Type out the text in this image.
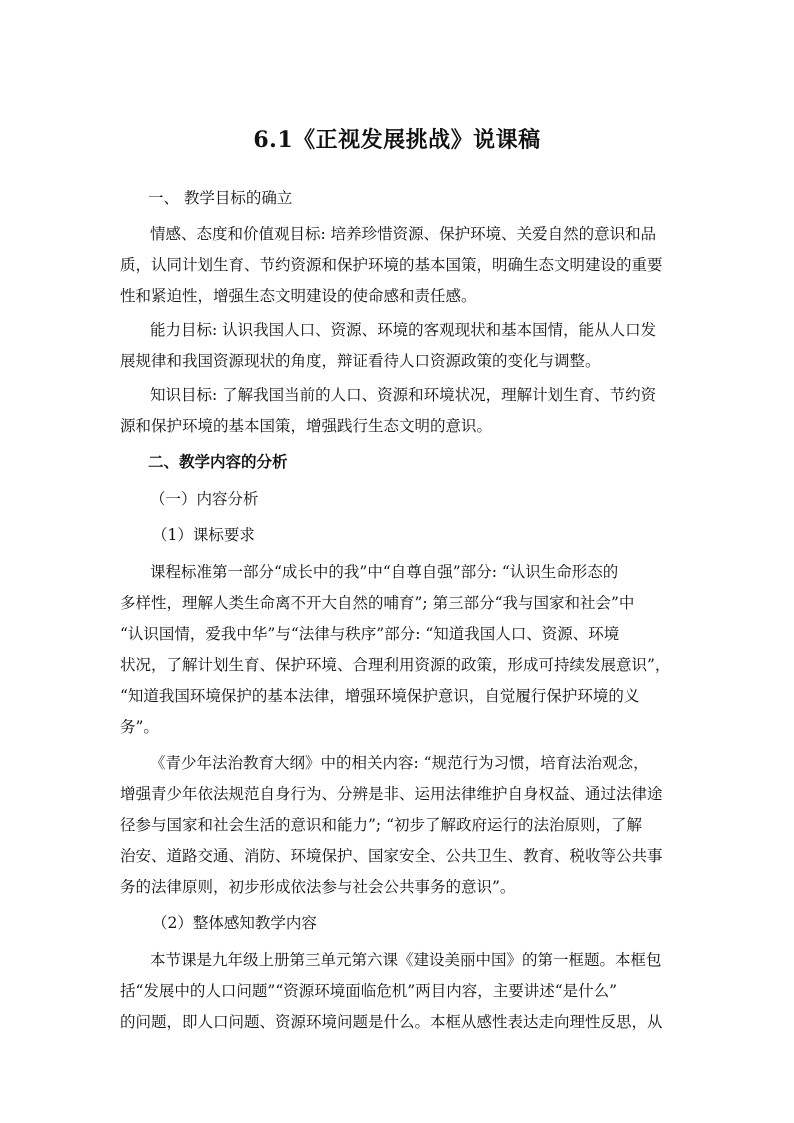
6.1《正视发展挑战》说课稿
一、 教学目标的确立
情感、态度和价值观目标: 培养珍惜资源、保护环境、关爱自然的意识和品
质，认同计划生育、节约资源和保护环境的基本国策，明确生态文明建设的重要
性和紧迫性，增强生态文明建设的使命感和责任感。
能力目标: 认识我国人口、资源、环境的客观现状和基本国情，能从人口发
展规律和我国资源现状的角度，辩证看待人口资源政策的变化与调整。
知识目标: 了解我国当前的人口、资源和环境状况，理解计划生育、节约资
源和保护环境的基本国策，增强践行生态文明的意识。
二、教学内容的分析
（一）内容分析
（1）课标要求
课程标准第一部分“成长中的我”中“自尊自强”部分: “认识生命形态的
多样性，理解人类生命离不开大自然的哺育”; 第三部分“我与国家和社会”中
“认识国情，爱我中华”与“法律与秩序”部分: “知道我国人口、资源、环境
状况，了解计划生育、保护环境、合理利用资源的政策，形成可持续发展意识”，
“知道我国环境保护的基本法律，增强环境保护意识，自觉履行保护环境的义
务”。
《青少年法治教育大纲》中的相关内容: “规范行为习惯，培育法治观念，
增强青少年依法规范自身行为、分辨是非、运用法律维护自身权益、通过法律途
径参与国家和社会生活的意识和能力”; “初步了解政府运行的法治原则，了解
治安、道路交通、消防、环境保护、国家安全、公共卫生、教育、税收等公共事
务的法律原则，初步形成依法参与社会公共事务的意识”。
（2）整体感知教学内容
本节课是九年级上册第三单元第六课《建设美丽中国》的第一框题。本框包
括“发展中的人口问题”“资源环境面临危机”两目内容，主要讲述“是什么”
的问题，即人口问题、资源环境问题是什么。本框从感性表达走向理性反思，从
